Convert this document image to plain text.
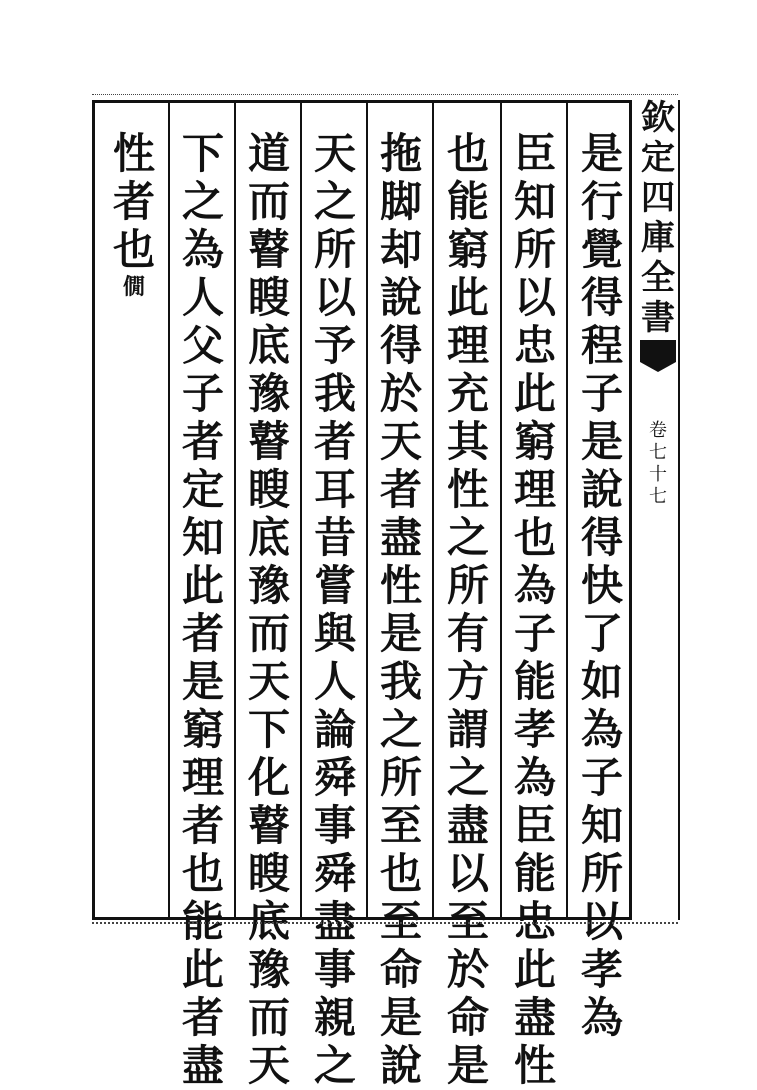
是
行
覺
得
程
子
是
說
得
快
了
如
為
子
知
所
以
孝
為
臣
知
所
以
忠
此
窮
理
也
為
子
能
孝
為
臣
能
忠
此
盡
性
也
能
窮
此
理
充
其
性
之
所
有
方
謂
之
盡
以
至
於
命
是
拖
脚
却
說
得
於
天
者
盡
性
是
我
之
所
至
也
至
命
是
說
天
之
所
以
予
我
者
耳
昔
嘗
與
人
論
舜
事
舜
盡
事
親
之
道
而
瞽
瞍
底
豫
瞽
瞍
底
豫
而
天
下
化
瞽
瞍
底
豫
而
天
下
之
為
人
父
子
者
定
知
此
者
是
窮
理
者
也
能
此
者
盡
性
者
也
僩
欽
定
四
庫
全
書
卷
七
十
七
